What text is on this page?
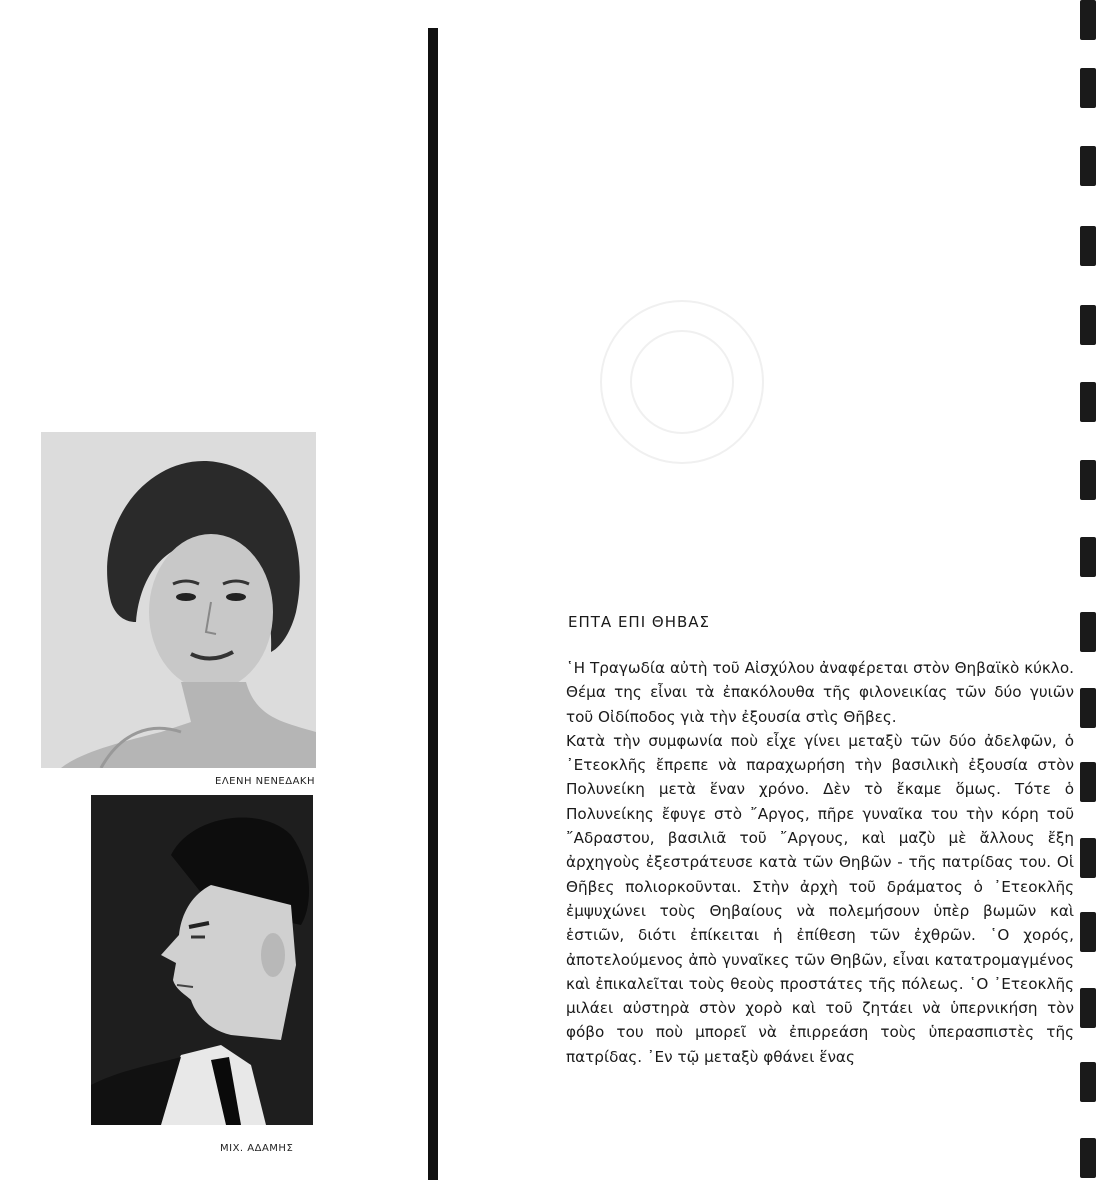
ΕΛΕΝΗ ΝΕΝΕΔΑΚΗ
ΜΙΧ. ΑΔΑΜΗΣ
ΕΠΤΑ ΕΠΙ ΘΗΒΑΣ

῾Η Τραγωδία αὐτὴ τοῦ Αἰσχύλου ἀναφέρεται στὸν Θηβαϊκὸ κύκλο. Θέμα της εἶναι τὰ ἐπακόλουθα τῆς φιλονεικίας τῶν δύο γυιῶν τοῦ Οἰδίποδος γιὰ τὴν ἐξουσία στὶς Θῆβες.

Κατὰ τὴν συμφωνία ποὺ εἶχε γίνει μεταξὺ τῶν δύο ἀδελφῶν, ὁ ᾿Ετεοκλῆς ἔπρεπε νὰ παραχωρήση τὴν βασιλικὴ ἐξουσία στὸν Πολυνείκη μετὰ ἕναν χρόνο. Δὲν τὸ ἔκαμε ὅμως. Τότε ὁ Πολυνείκης ἔφυγε στὸ ῎Αργος, πῆρε γυναῖκα του τὴν κόρη τοῦ ῎Αδραστου, βασιλιᾶ τοῦ ῎Αργους, καὶ μαζὺ μὲ ἄλλους ἔξη ἀρχηγοὺς ἐξεστράτευσε κατὰ τῶν Θηβῶν - τῆς πατρίδας του. Οἱ Θῆβες πολιορκοῦνται. Στὴν ἀρχὴ τοῦ δράματος ὁ ᾿Ετεοκλῆς ἐμψυχώνει τοὺς Θηβαίους νὰ πολεμήσουν ὑπὲρ βωμῶν καὶ ἑστιῶν, διότι ἐπίκειται ἡ ἐπίθεση τῶν ἐχθρῶν. ῾Ο χορός, ἀποτελούμενος ἀπὸ γυναῖκες τῶν Θηβῶν, εἶναι κατατρομαγμένος καὶ ἐπικαλεῖται τοὺς θεοὺς προστάτες τῆς πόλεως. ῾Ο ᾿Ετεοκλῆς μιλάει αὐστηρὰ στὸν χορὸ καὶ τοῦ ζητάει νὰ ὑπερνικήση τὸν φόβο του ποὺ μπορεῖ νὰ ἐπιρρεάση τοὺς ὑπερασπιστὲς τῆς πατρίδας. ᾿Εν τῷ μεταξὺ φθάνει ἕνας
